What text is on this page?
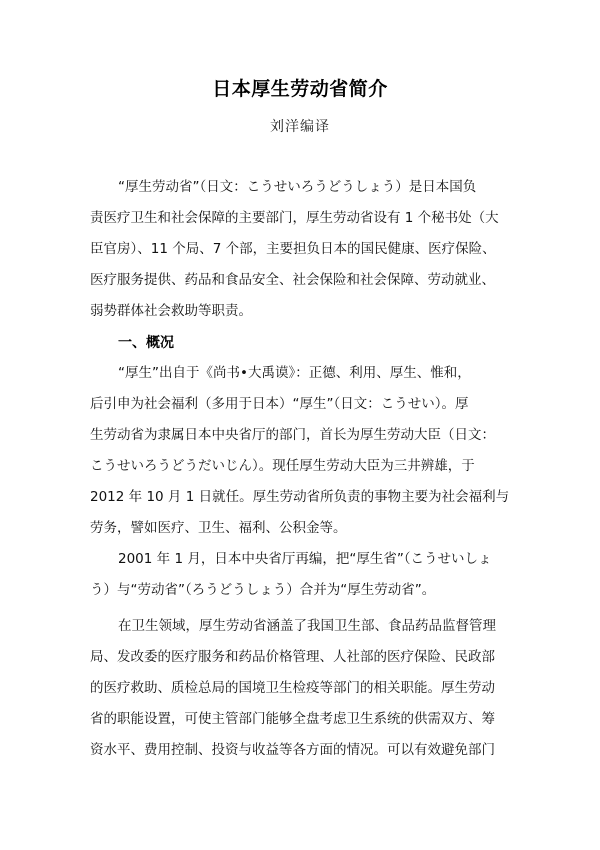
日本厚生劳动省简介
刘洋编译
“厚生劳动省”（日文：こうせいろうどうしょう）是日本国负
责医疗卫生和社会保障的主要部门，厚生劳动省设有 1 个秘书处（大
臣官房）、11 个局、7 个部，主要担负日本的国民健康、医疗保险、
医疗服务提供、药品和食品安全、社会保险和社会保障、劳动就业、
弱势群体社会救助等职责。
一、概况
“厚生”出自于《尚书•大禹谟》：正德、利用、厚生、惟和，
后引申为社会福利（多用于日本）“厚生”（日文：こうせい）。厚
生劳动省为隶属日本中央省厅的部门，首长为厚生劳动大臣（日文：
こうせいろうどうだいじん）。现任厚生劳动大臣为三井辨雄，于
2012 年 10 月 1 日就任。厚生劳动省所负责的事物主要为社会福利与
劳务，譬如医疗、卫生、福利、公积金等。
2001 年 1 月，日本中央省厅再编，把“厚生省”（こうせいしょ
う）与“劳动省”（ろうどうしょう）合并为“厚生劳动省”。
在卫生领域，厚生劳动省涵盖了我国卫生部、食品药品监督管理
局、发改委的医疗服务和药品价格管理、人社部的医疗保险、民政部
的医疗救助、质检总局的国境卫生检疫等部门的相关职能。厚生劳动
省的职能设置，可使主管部门能够全盘考虑卫生系统的供需双方、筹
资水平、费用控制、投资与收益等各方面的情况。可以有效避免部门
